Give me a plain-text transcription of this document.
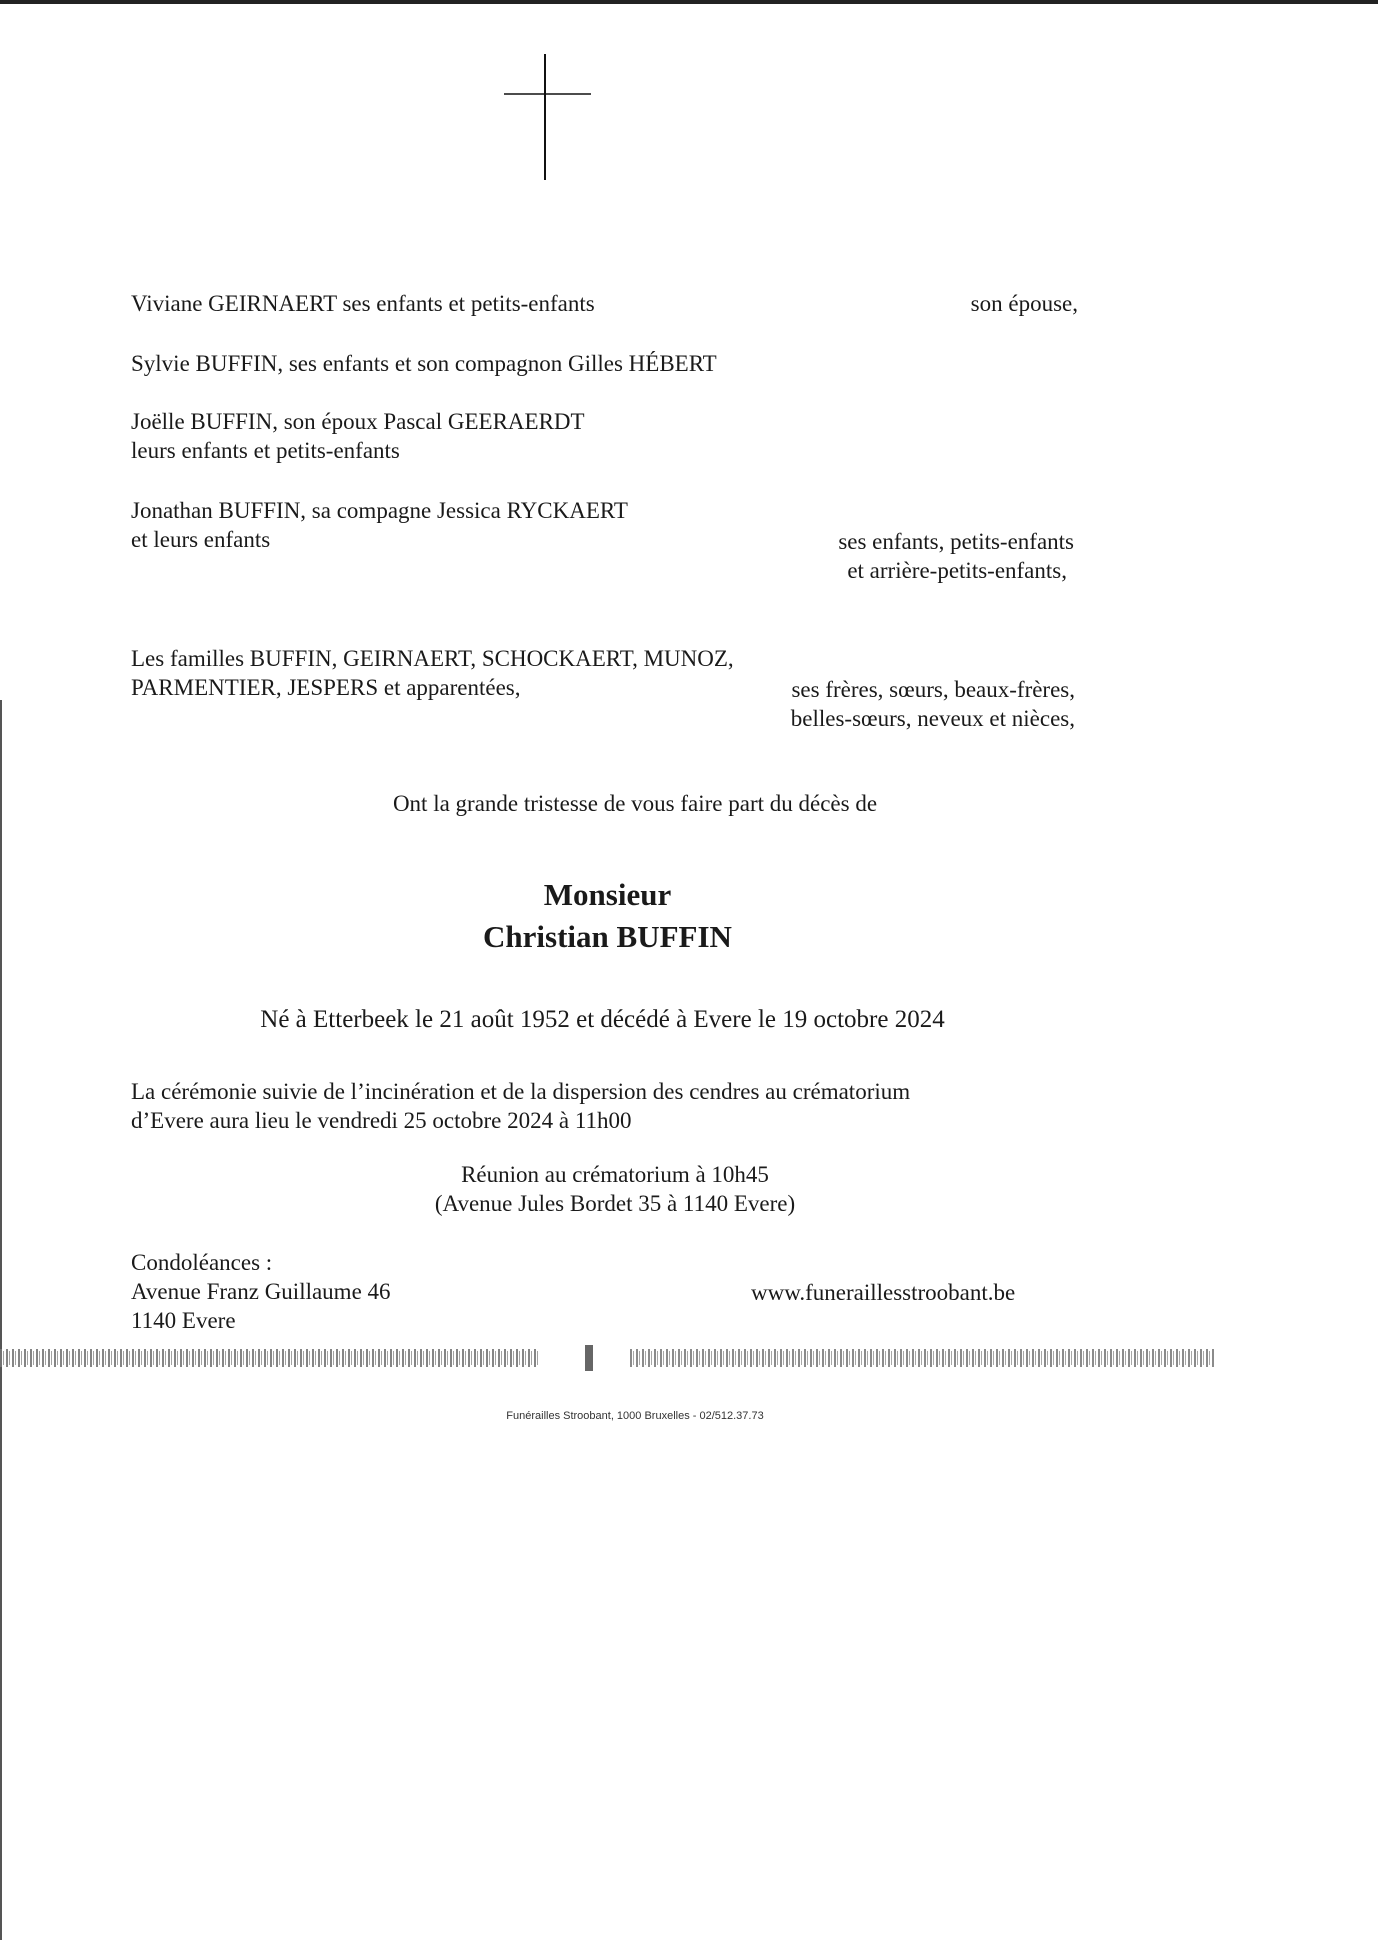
Viviane GEIRNAERT ses enfants et petits-enfants	son épouse,
Sylvie BUFFIN, ses enfants et son compagnon Gilles HÉBERT
Joëlle BUFFIN, son époux Pascal GEERAERDT
leurs enfants et petits-enfants
Jonathan BUFFIN, sa compagne Jessica RYCKAERT
et leurs enfants	ses enfants, petits-enfants
et arrière-petits-enfants,
Les familles BUFFIN, GEIRNAERT, SCHOCKAERT, MUNOZ,
PARMENTIER, JESPERS et apparentées,	ses frères, sœurs, beaux-frères,
belles-sœurs, neveux et nièces,
Ont la grande tristesse de vous faire part du décès de
Monsieur
Christian BUFFIN
Né à Etterbeek le 21 août 1952 et décédé à Evere le 19 octobre 2024
La cérémonie suivie de l’incinération et de la dispersion des cendres au crématorium
d’Evere aura lieu le vendredi 25 octobre 2024 à 11h00
Réunion au crématorium à 10h45
(Avenue Jules Bordet 35 à 1140 Evere)
Condoléances :
Avenue Franz Guillaume 46
1140 Evere
www.funeraillesstroobant.be
Funérailles Stroobant, 1000 Bruxelles - 02/512.37.73
